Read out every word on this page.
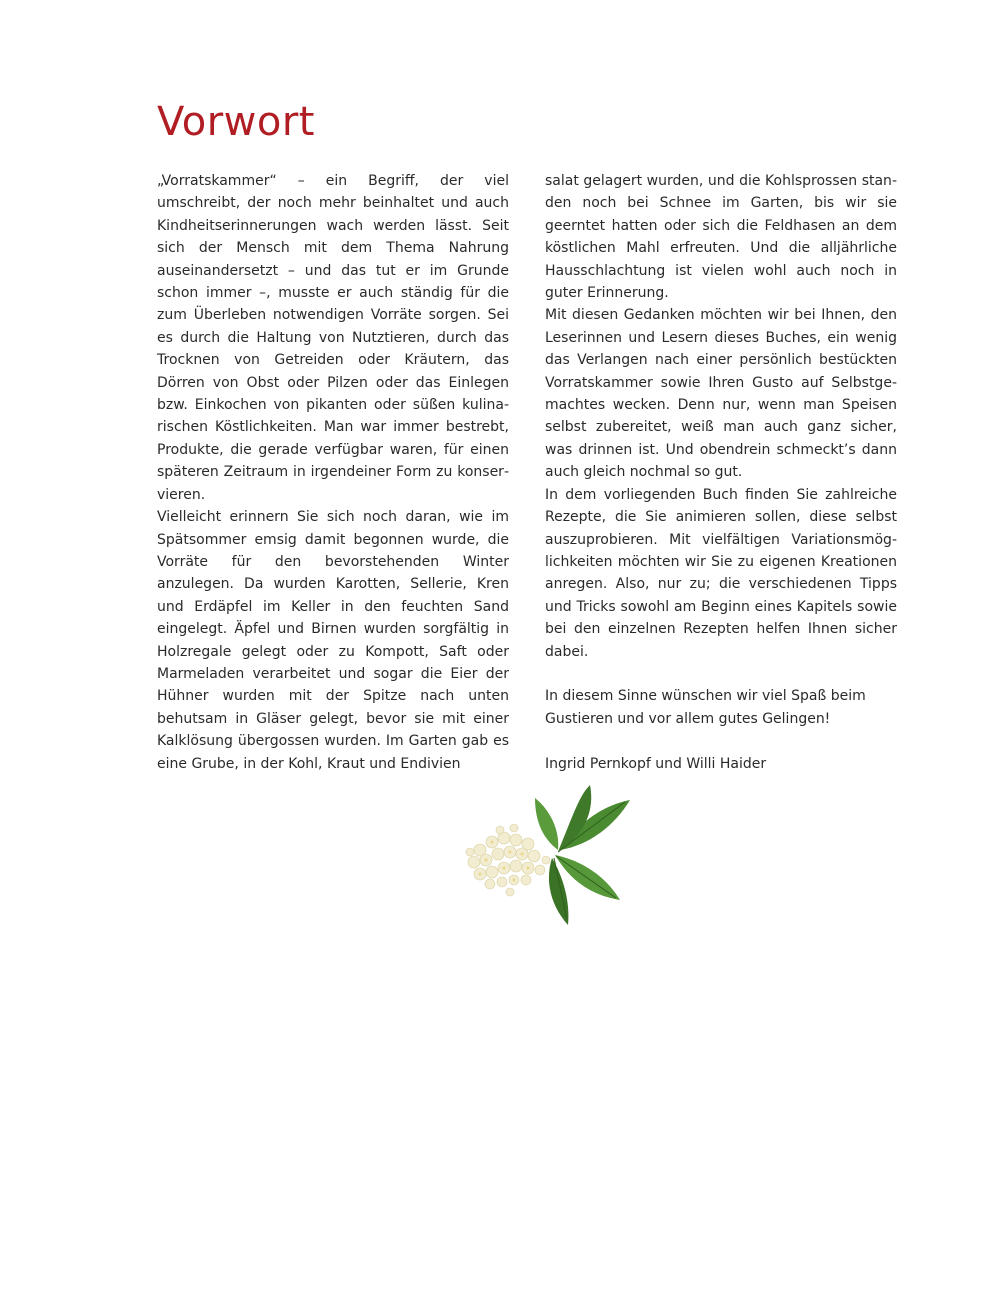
Vorwort

„Vorratskammer“ – ein Begriff, der viel umschreibt, der noch mehr beinhaltet und auch Kindheitserinnerungen wach werden lässt. Seit sich der Mensch mit dem Thema Nahrung auseinandersetzt – und das tut er im Grunde schon immer –, musste er auch ständig für die zum Überleben notwendigen Vorräte sorgen. Sei es durch die Haltung von Nutztieren, durch das Trocknen von Getreiden oder Kräutern, das Dörren von Obst oder Pilzen oder das Einlegen bzw. Einkochen von pikanten oder süßen kulinarischen Köstlichkeiten. Man war immer bestrebt, Produkte, die gerade verfügbar waren, für einen späteren Zeitraum in irgendeiner Form zu konservieren.

Vielleicht erinnern Sie sich noch daran, wie im Spätsommer emsig damit begonnen wurde, die Vorräte für den bevorstehenden Winter anzulegen. Da wurden Karotten, Sellerie, Kren und Erdäpfel im Keller in den feuchten Sand eingelegt. Äpfel und Birnen wurden sorgfältig in Holzregale gelegt oder zu Kompott, Saft oder Marmeladen verarbeitet und sogar die Eier der Hühner wurden mit der Spitze nach unten behutsam in Gläser gelegt, bevor sie mit einer Kalklösung übergossen wurden. Im Garten gab es eine Grube, in der Kohl, Kraut und Endivien

salat gelagert wurden, und die Kohlsprossen standen noch bei Schnee im Garten, bis wir sie geerntet hatten oder sich die Feldhasen an dem köstlichen Mahl erfreuten. Und die alljährliche Hausschlachtung ist vielen wohl auch noch in guter Erinnerung.

Mit diesen Gedanken möchten wir bei Ihnen, den Leserinnen und Lesern dieses Buches, ein wenig das Verlangen nach einer persönlich bestückten Vorratskammer sowie Ihren Gusto auf Selbstgemachtes wecken. Denn nur, wenn man Speisen selbst zubereitet, weiß man auch ganz sicher, was drinnen ist. Und obendrein schmeckt’s dann auch gleich nochmal so gut.

In dem vorliegenden Buch finden Sie zahlreiche Rezepte, die Sie animieren sollen, diese selbst auszuprobieren. Mit vielfältigen Variationsmöglichkeiten möchten wir Sie zu eigenen Kreationen anregen. Also, nur zu; die verschiedenen Tipps und Tricks sowohl am Beginn eines Kapitels sowie bei den einzelnen Rezepten helfen Ihnen sicher dabei.

In diesem Sinne wünschen wir viel Spaß beim Gustieren und vor allem gutes Gelingen!

Ingrid Pernkopf und Willi Haider
